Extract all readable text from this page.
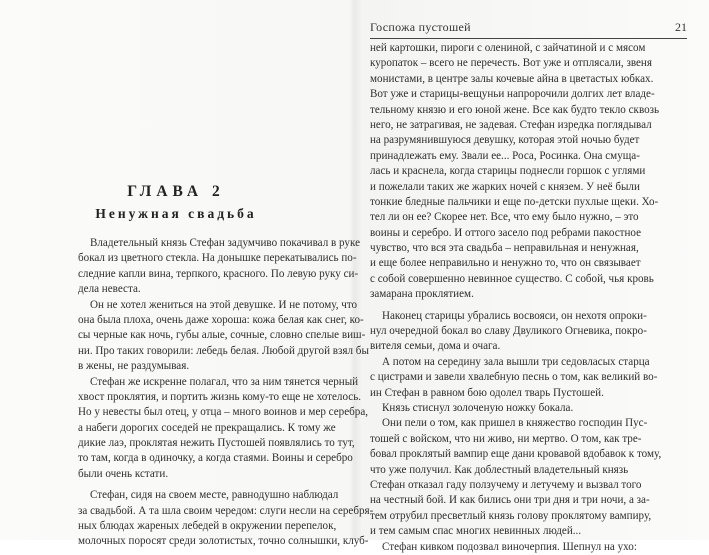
ГЛАВА 2
Ненужная свадьба
Владетельный князь Стефан задумчиво покачивал в руке
бокал из цветного стекла. На донышке перекатывались по-
следние капли вина, терпкого, красного. По левую руку си-
дела невеста.
Он не хотел жениться на этой девушке. И не потому, что
она была плоха, очень даже хороша: кожа белая как снег, ко-
сы черные как ночь, губы алые, сочные, словно спелые виш-
ни. Про таких говорили: лебедь белая. Любой другой взял бы
в жены, не раздумывая.
Стефан же искренне полагал, что за ним тянется черный
хвост проклятия, и портить жизнь кому-то еще не хотелось.
Но у невесты был отец, у отца – много воинов и мер серебра,
а набеги дорогих соседей не прекращались. К тому же
дикие лаэ, проклятая нежить Пустошей появлялись то тут,
то там, когда в одиночку, а когда стаями. Воины и серебро
были очень кстати.
Стефан, сидя на своем месте, равнодушно наблюдал
за свадьбой. А та шла своим чередом: слуги несли на серебря-
ных блюдах жареных лебедей в окружении перепелок,
молочных поросят среди золотистых, точно солнышки, клуб-
Госпожа пустошей	21
ней картошки, пироги с олениной, с зайчатиной и с мясом
куропаток – всего не перечесть. Вот уже и отплясали, звеня
монистами, в центре залы кочевые айна в цветастых юбках.
Вот уже и старицы-вещуньи напророчили долгих лет владе-
тельному князю и его юной жене. Все как будто текло сквозь
него, не затрагивая, не задевая. Стефан изредка поглядывал
на разрумянившуюся девушку, которая этой ночью будет
принадлежать ему. Звали ее... Роса, Росинка. Она смуща-
лась и краснела, когда старицы поднесли горшок с углями
и пожелали таких же жарких ночей с князем. У неё были
тонкие бледные пальчики и еще по-детски пухлые щеки. Хо-
тел ли он ее? Скорее нет. Все, что ему было нужно, – это
воины и серебро. И оттого засело под ребрами пакостное
чувство, что вся эта свадьба – неправильная и ненужная,
и еще более неправильно и ненужно то, что он связывает
с собой совершенно невинное существо. С собой, чья кровь
замарана проклятием.
Наконец старицы убрались восвояси, он нехотя опроки-
нул очередной бокал во славу Двуликого Огневика, покро-
вителя семьи, дома и очага.
А потом на середину зала вышли три седовласых старца
с цистрами и завели хвалебную песнь о том, как великий во-
ин Стефан в равном бою одолел тварь Пустошей.
Князь стиснул золоченую ножку бокала.
Они пели о том, как пришел в княжество господин Пус-
тошей с войском, что ни живо, ни мертво. О том, как тре-
бовал проклятый вампир еще дани кровавой вдобавок к тому,
что уже получил. Как доблестный владетельный князь
Стефан отказал гаду ползучему и летучему и вызвал того
на честный бой. И как бились они три дня и три ночи, а за-
тем отрубил пресветлый князь голову проклятому вампиру,
и тем самым спас многих невинных людей...
Стефан кивком подозвал виночерпия. Шепнул на ухо:
